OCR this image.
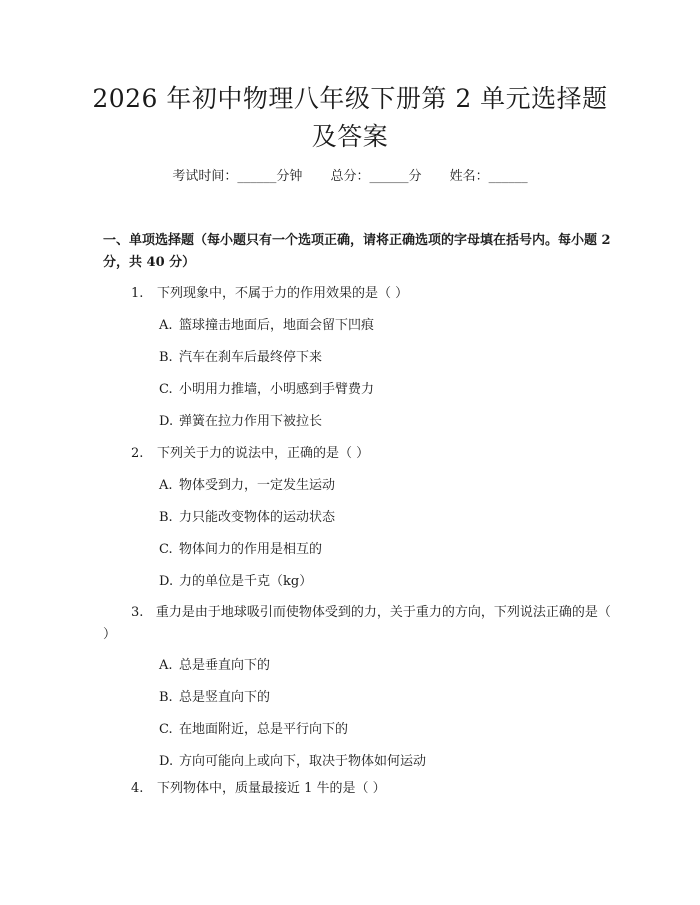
2026 年初中物理八年级下册第 2 单元选择题
及答案
考试时间：______分钟 总分：______分 姓名：______
一、单项选择题（每小题只有一个选项正确，请将正确选项的字母填在括号内。每小题 2 分，共 40 分）
1. 下列现象中，不属于力的作用效果的是（ ）
A. 篮球撞击地面后，地面会留下凹痕
B. 汽车在刹车后最终停下来
C. 小明用力推墙，小明感到手臂费力
D. 弹簧在拉力作用下被拉长
2. 下列关于力的说法中，正确的是（ ）
A. 物体受到力，一定发生运动
B. 力只能改变物体的运动状态
C. 物体间力的作用是相互的
D. 力的单位是千克（kg）
3. 重力是由于地球吸引而使物体受到的力，关于重力的方向，下列说法正确的是（ ）
A. 总是垂直向下的
B. 总是竖直向下的
C. 在地面附近，总是平行向下的
D. 方向可能向上或向下，取决于物体如何运动
4. 下列物体中，质量最接近 1 牛的是（ ）
